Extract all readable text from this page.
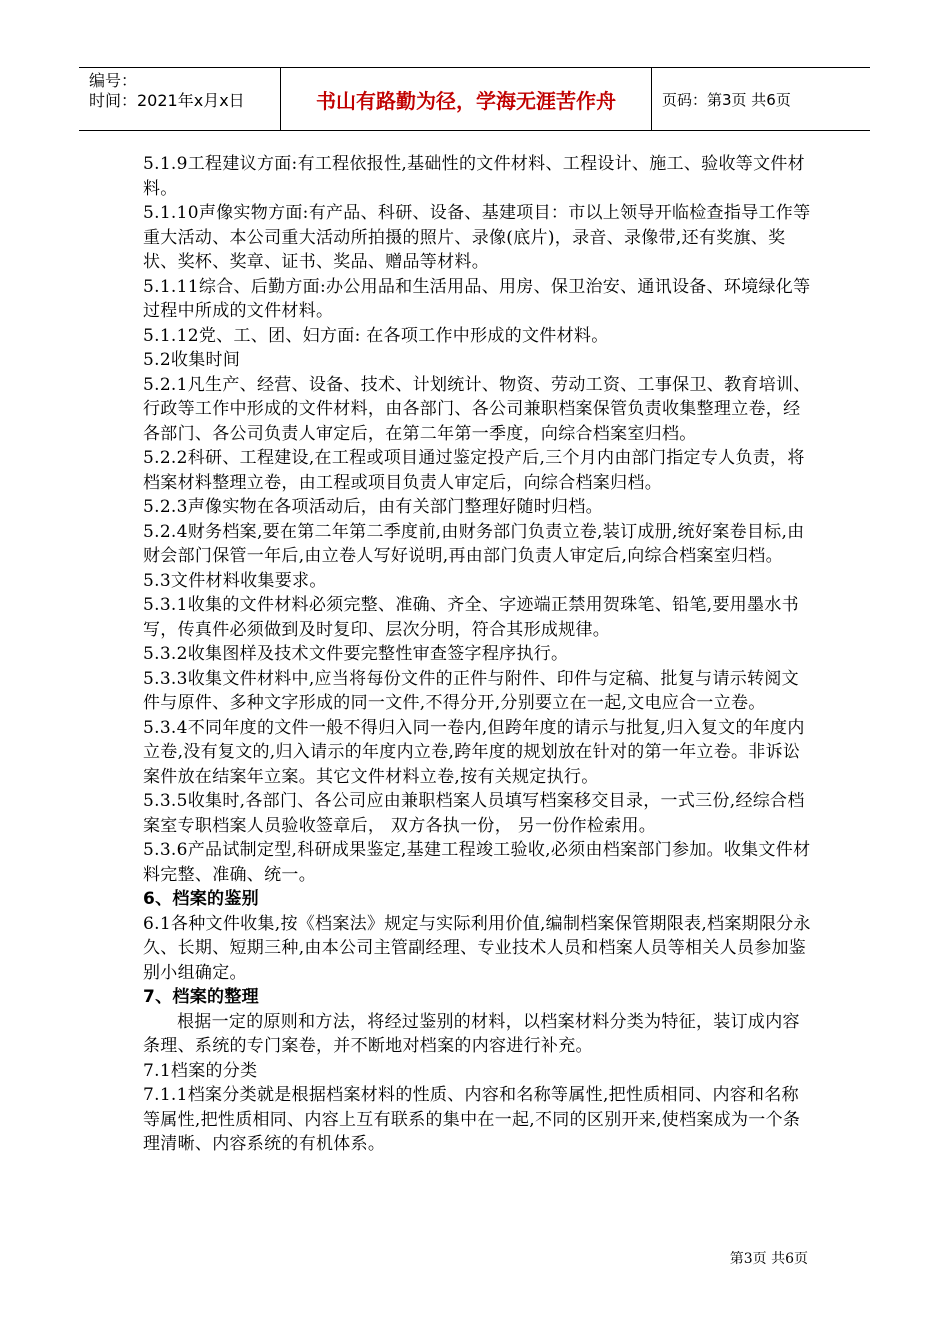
编号：
时间：2021年x月x日	书山有路勤为径，学海无涯苦作舟	页码：第3页 共6页

5.1.9工程建议方面:有工程依报性,基础性的文件材料、工程设计、施工、验收等文件材料。

5.1.10声像实物方面:有产品、科研、设备、基建项目：市以上领导开临检查指导工作等重大活动、本公司重大活动所拍摄的照片、录像(底片)，录音、录像带,还有奖旗、奖状、奖杯、奖章、证书、奖品、赠品等材料。

5.1.11综合、后勤方面:办公用品和生活用品、用房、保卫治安、通讯设备、环境绿化等过程中所成的文件材料。

5.1.12党、工、团、妇方面: 在各项工作中形成的文件材料。

5.2收集时间

5.2.1凡生产、经营、设备、技术、计划统计、物资、劳动工资、工事保卫、教育培训、行政等工作中形成的文件材料，由各部门、各公司兼职档案保管负责收集整理立卷，经各部门、各公司负责人审定后，在第二年第一季度，向综合档案室归档。

5.2.2科研、工程建设,在工程或项目通过鉴定投产后,三个月内由部门指定专人负责，将档案材料整理立卷，由工程或项目负责人审定后，向综合档案归档。

5.2.3声像实物在各项活动后，由有关部门整理好随时归档。

5.2.4财务档案,要在第二年第二季度前,由财务部门负责立卷,装订成册,统好案卷目标,由财会部门保管一年后,由立卷人写好说明,再由部门负责人审定后,向综合档案室归档。

5.3文件材料收集要求。

5.3.1收集的文件材料必须完整、准确、齐全、字迹端正禁用贺珠笔、铅笔,要用墨水书写，传真件必须做到及时复印、层次分明，符合其形成规律。

5.3.2收集图样及技术文件要完整性审查签字程序执行。

5.3.3收集文件材料中,应当将每份文件的正件与附件、印件与定稿、批复与请示转阅文件与原件、多种文字形成的同一文件,不得分开,分别要立在一起,文电应合一立卷。

5.3.4不同年度的文件一般不得归入同一卷内,但跨年度的请示与批复,归入复文的年度内立卷,没有复文的,归入请示的年度内立卷,跨年度的规划放在针对的第一年立卷。非诉讼案件放在结案年立案。其它文件材料立卷,按有关规定执行。

5.3.5收集时,各部门、各公司应由兼职档案人员填写档案移交目录，一式三份,经综合档案室专职档案人员验收签章后， 双方各执一份， 另一份作检索用。

5.3.6产品试制定型,科研成果鉴定,基建工程竣工验收,必须由档案部门参加。收集文件材料完整、准确、统一。

6、档案的鉴别

6.1各种文件收集,按《档案法》规定与实际利用价值,编制档案保管期限表,档案期限分永久、长期、短期三种,由本公司主管副经理、专业技术人员和档案人员等相关人员参加鉴别小组确定。

7、档案的整理

根据一定的原则和方法，将经过鉴别的材料，以档案材料分类为特征，装订成内容条理、系统的专门案卷，并不断地对档案的内容进行补充。

7.1档案的分类

7.1.1档案分类就是根据档案材料的性质、内容和名称等属性,把性质相同、内容和名称等属性,把性质相同、内容上互有联系的集中在一起,不同的区别开来,使档案成为一个条理清晰、内容系统的有机体系。

第3页 共6页
